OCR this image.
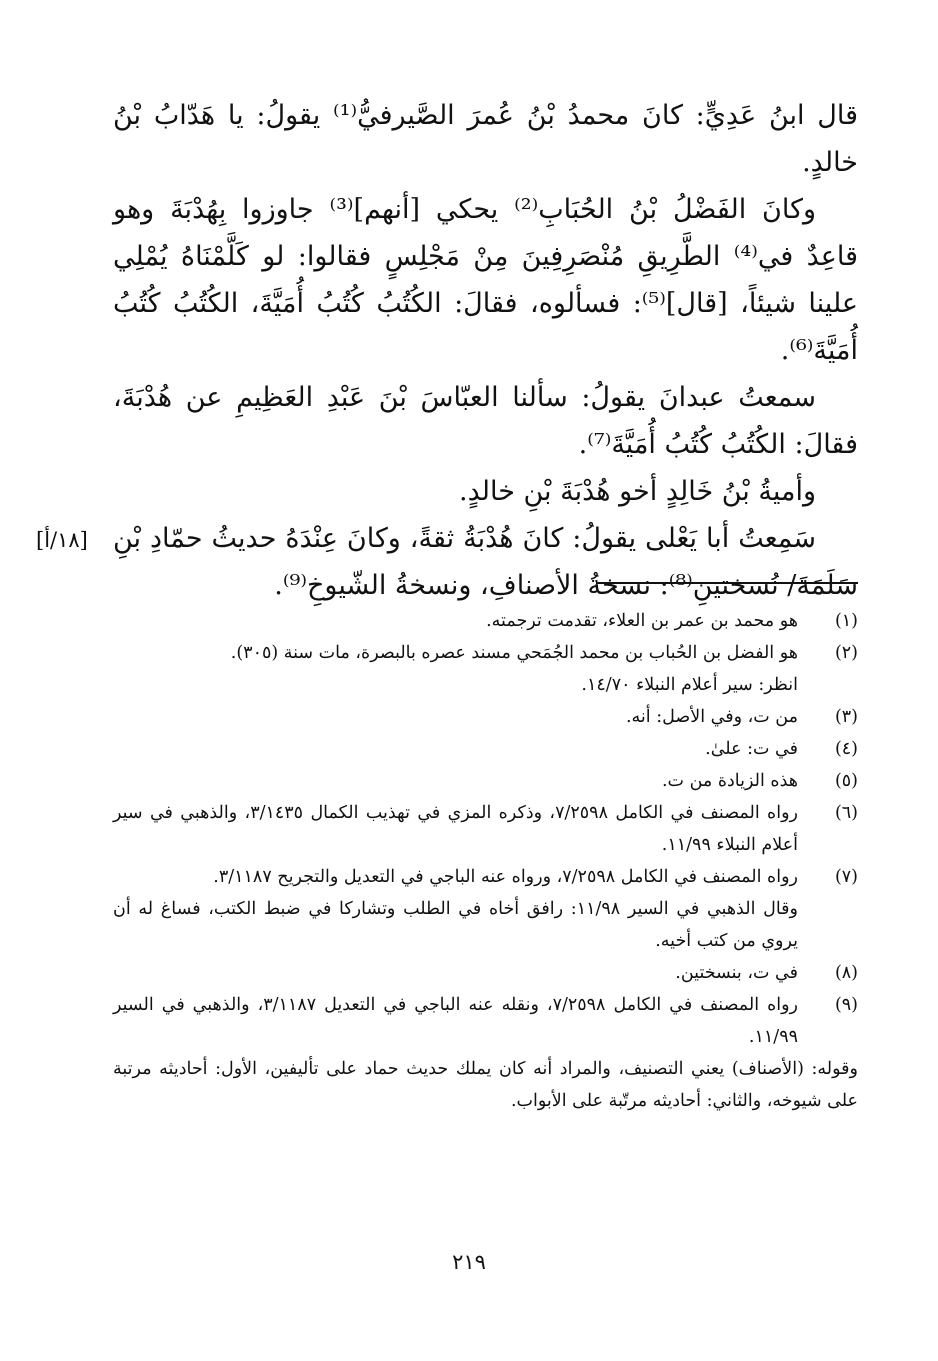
قال ابنُ عَدِيٍّ: كانَ محمدُ بْنُ عُمرَ الصَّيرفيُّ⁽¹⁾ يقولُ: يا هَدّابُ بْنُ خالدٍ.

وكانَ الفَضْلُ بْنُ الحُبَابِ⁽²⁾ يحكي [أنهم]⁽³⁾ جاوزوا بِهُدْبَةَ وهو قاعِدٌ في⁽⁴⁾ الطَّرِيقِ مُنْصَرِفِينَ مِنْ مَجْلِسٍ فقالوا: لو كَلَّمْنَاهُ يُمْلِي علينا شيئاً، [قال]⁽⁵⁾: فسألوه، فقالَ: الكُتُبُ كُتُبُ أُمَيَّةَ، الكُتُبُ كُتُبُ أُمَيَّةَ⁽⁶⁾.

سمعتُ عبدانَ يقولُ: سألنا العبّاسَ بْنَ عَبْدِ العَظِيمِ عن هُدْبَةَ، فقالَ: الكُتُبُ كُتُبُ أُمَيَّةَ⁽⁷⁾.

وأميةُ بْنُ خَالِدٍ أخو هُدْبَةَ بْنِ خالدٍ.

سَمِعتُ أبا يَعْلى يقولُ: كانَ هُدْبَةُ ثقةً، وكانَ عِنْدَهُ حديثُ حمّادِ بْنِ سَلَمَةَ/ نُسختينِ⁽⁸⁾: نسخةُ الأصنافِ، ونسخةُ الشّيوخِ⁽⁹⁾.

[١٨/أ]
(١)

هو محمد بن عمر بن العلاء، تقدمت ترجمته.

(٢)

هو الفضل بن الحُباب بن محمد الجُمَحي مسند عصره بالبصرة، مات سنة (٣٠٥).

انظر: سير أعلام النبلاء ١٤/٧٠.

(٣)

من ت، وفي الأصل: أنه.

(٤)

في ت: علىٰ.

(٥)

هذه الزيادة من ت.

(٦)

رواه المصنف في الكامل ٧/٢٥٩٨، وذكره المزي في تهذيب الكمال ٣/١٤٣٥، والذهبي في سير أعلام النبلاء ١١/٩٩.

(٧)

رواه المصنف في الكامل ٧/٢٥٩٨، ورواه عنه الباجي في التعديل والتجريح ٣/١١٨٧.

وقال الذهبي في السير ١١/٩٨: رافق أخاه في الطلب وتشاركا في ضبط الكتب، فساغ له أن يروي من كتب أخيه.

(٨)

في ت، بنسختين.

(٩)

رواه المصنف في الكامل ٧/٢٥٩٨، ونقله عنه الباجي في التعديل ٣/١١٨٧، والذهبي في السير ١١/٩٩.

وقوله: (الأصناف) يعني التصنيف، والمراد أنه كان يملك حديث حماد على تأليفين، الأول: أحاديثه مرتبة على شيوخه، والثاني: أحاديثه مرتّبة على الأبواب.

٢١٩
